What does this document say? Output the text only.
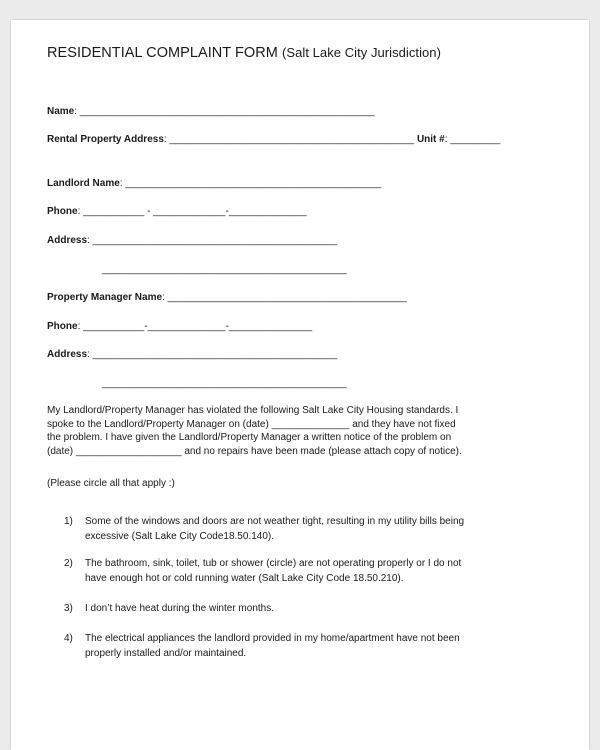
RESIDENTIAL COMPLAINT FORM (Salt Lake City Jurisdiction)
Name: _____________________________________________________
Rental Property Address: ____________________________________________ Unit #: _________
Landlord Name: ______________________________________________
Phone: ___________ - _____________-______________
Address: ____________________________________________
____________________________________________
Property Manager Name: ___________________________________________
Phone: ___________-______________-_______________
Address: ____________________________________________
____________________________________________
My Landlord/Property Manager has violated the following Salt Lake City Housing standards. I
spoke to the Landlord/Property Manager on (date) ______________ and they have not fixed
the problem. I have given the Landlord/Property Manager a written notice of the problem on
(date) ___________________ and no repairs have been made (please attach copy of notice).
(Please circle all that apply :)
1)	Some of the windows and doors are not weather tight, resulting in my utility bills being
excessive (Salt Lake City Code18.50.140).
2)	The bathroom, sink, toilet, tub or shower (circle) are not operating properly or I do not
have enough hot or cold running water (Salt Lake City Code 18.50.210).
3)	I don’t have heat during the winter months.
4)	The electrical appliances the landlord provided in my home/apartment have not been
properly installed and/or maintained.
